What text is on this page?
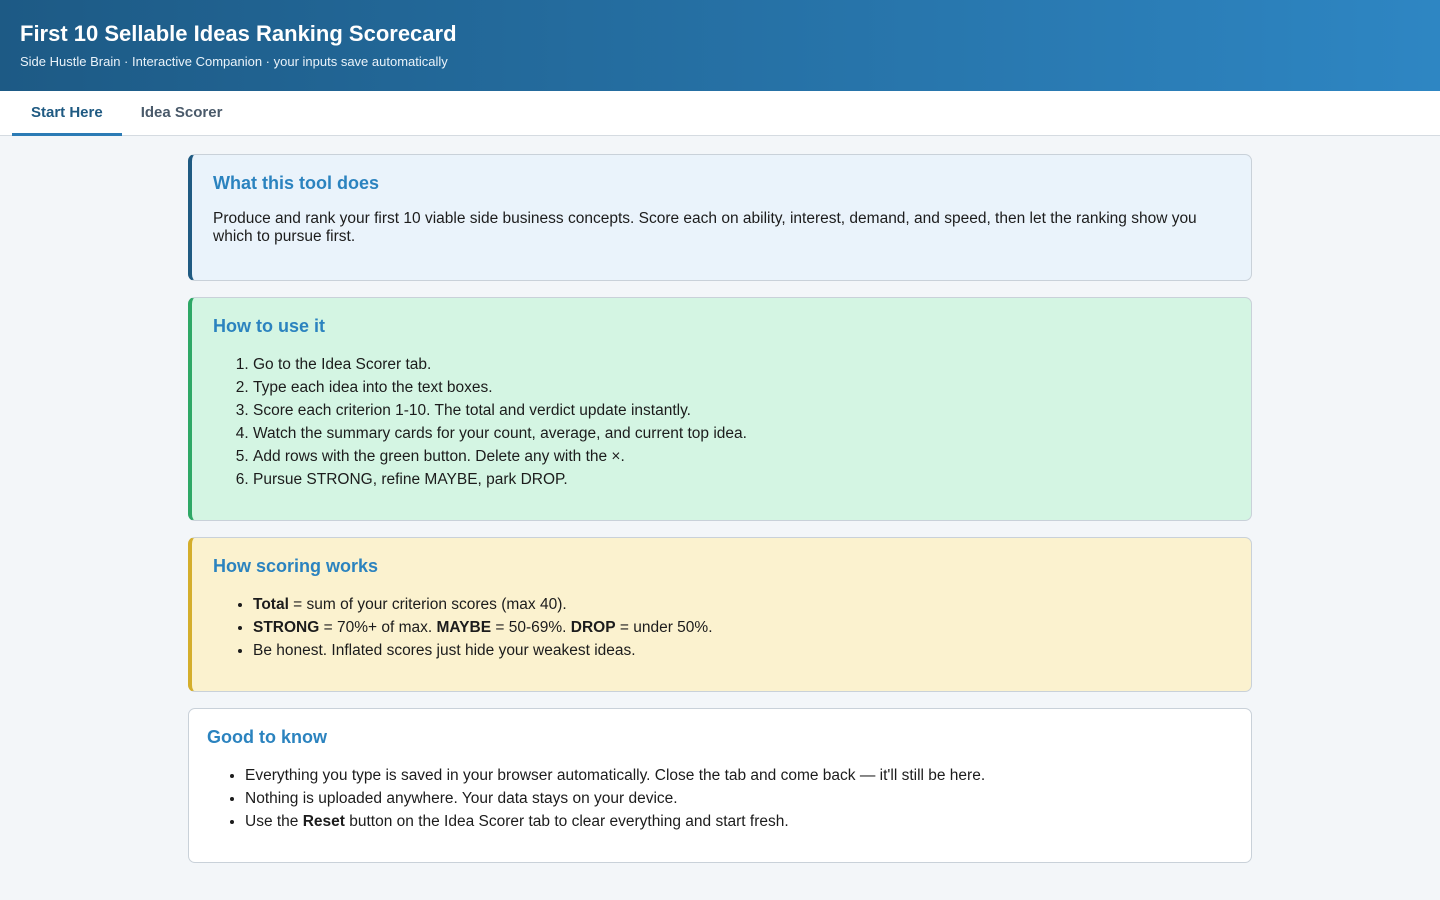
First 10 Sellable Ideas Ranking Scorecard
Side Hustle Brain · Interactive Companion · your inputs save automatically
Start Here	Idea Scorer
What this tool does

Produce and rank your first 10 viable side business concepts. Score each on ability, interest, demand, and speed, then let the ranking show you which to pursue first.

How to use it
1. Go to the Idea Scorer tab.
2. Type each idea into the text boxes.
3. Score each criterion 1-10. The total and verdict update instantly.
4. Watch the summary cards for your count, average, and current top idea.
5. Add rows with the green button. Delete any with the ×.
6. Pursue STRONG, refine MAYBE, park DROP.
How scoring works
• Total = sum of your criterion scores (max 40).
• STRONG = 70%+ of max. MAYBE = 50-69%. DROP = under 50%.
• Be honest. Inflated scores just hide your weakest ideas.
Good to know
• Everything you type is saved in your browser automatically. Close the tab and come back — it'll still be here.
• Nothing is uploaded anywhere. Your data stays on your device.
• Use the Reset button on the Idea Scorer tab to clear everything and start fresh.
